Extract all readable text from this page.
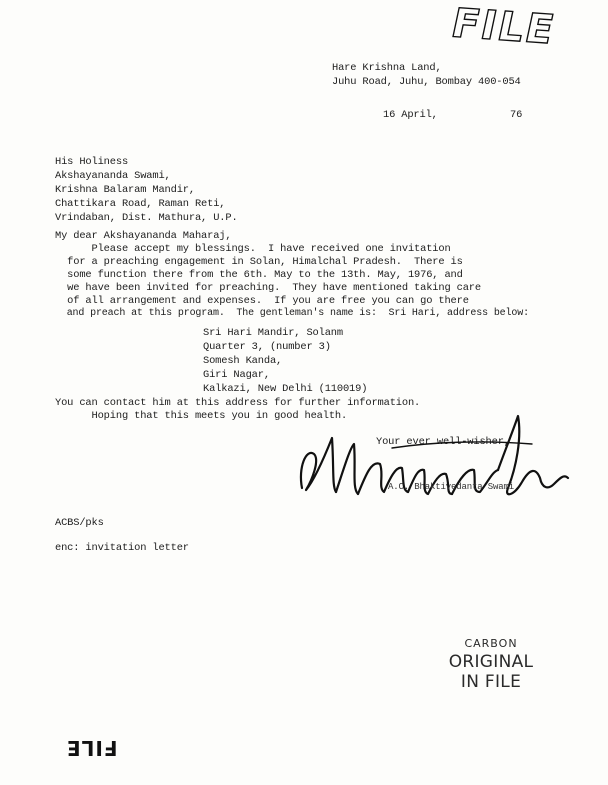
FILE
Hare Krishna Land,
Juhu Road, Juhu, Bombay 400-054
16 April,	76
His Holiness
Akshayananda Swami,
Krishna Balaram Mandir,
Chattikara Road, Raman Reti,
Vrindaban, Dist. Mathura, U.P.
My dear Akshayananda Maharaj,
Please accept my blessings.  I have received one invitation
for a preaching engagement in Solan, Himalchal Pradesh.  There is
some function there from the 6th. May to the 13th. May, 1976, and
we have been invited for preaching.  They have mentioned taking care
of all arrangement and expenses.  If you are free you can go there
and preach at this program.  The gentleman's name is:  Sri Hari, address below:
Sri Hari Mandir, Solanm
Quarter 3, (number 3)
Somesh Kanda,
Giri Nagar,
Kalkazi, New Delhi (110019)
You can contact him at this address for further information.
Hoping that this meets you in good health.
Your ever well-wisher,
A.C. Bhaktivedanta Swami
ACBS/pks
enc: invitation letter
CARBON
ORIGINAL
IN FILE
FILE
